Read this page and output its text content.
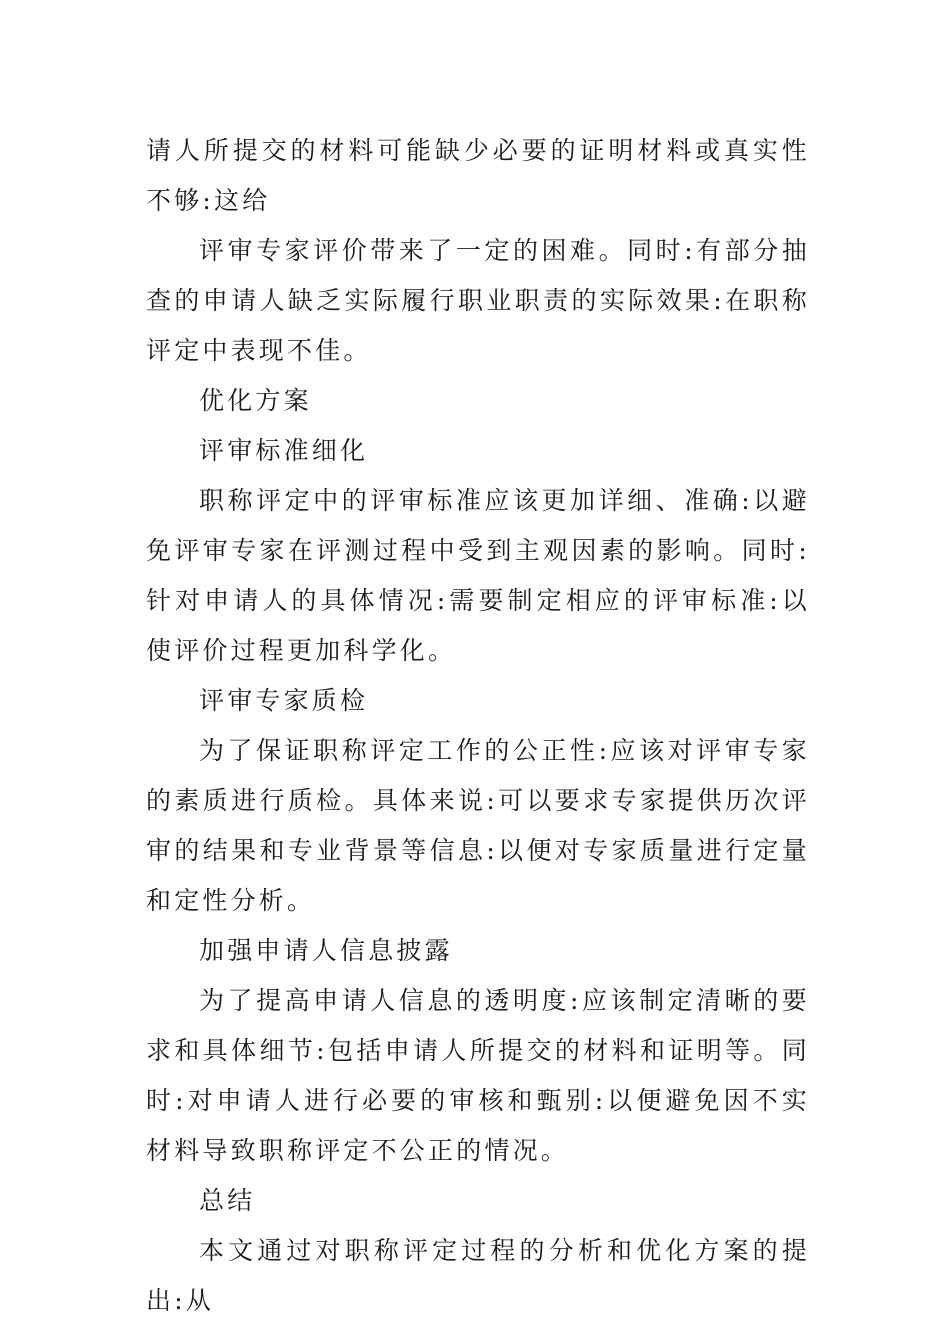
请人所提交的材料可能缺少必要的证明材料或真实性不够:这给

评审专家评价带来了一定的困难。同时:有部分抽查的申请人缺乏实际履行职业职责的实际效果:在职称评定中表现不佳。

优化方案

评审标准细化

职称评定中的评审标准应该更加详细、准确:以避免评审专家在评测过程中受到主观因素的影响。同时:针对申请人的具体情况:需要制定相应的评审标准:以使评价过程更加科学化。

评审专家质检

为了保证职称评定工作的公正性:应该对评审专家的素质进行质检。具体来说:可以要求专家提供历次评审的结果和专业背景等信息:以便对专家质量进行定量和定性分析。

加强申请人信息披露

为了提高申请人信息的透明度:应该制定清晰的要求和具体细节:包括申请人所提交的材料和证明等。同时:对申请人进行必要的审核和甄别:以便避免因不实材料导致职称评定不公正的情况。

总结

本文通过对职称评定过程的分析和优化方案的提出:从
